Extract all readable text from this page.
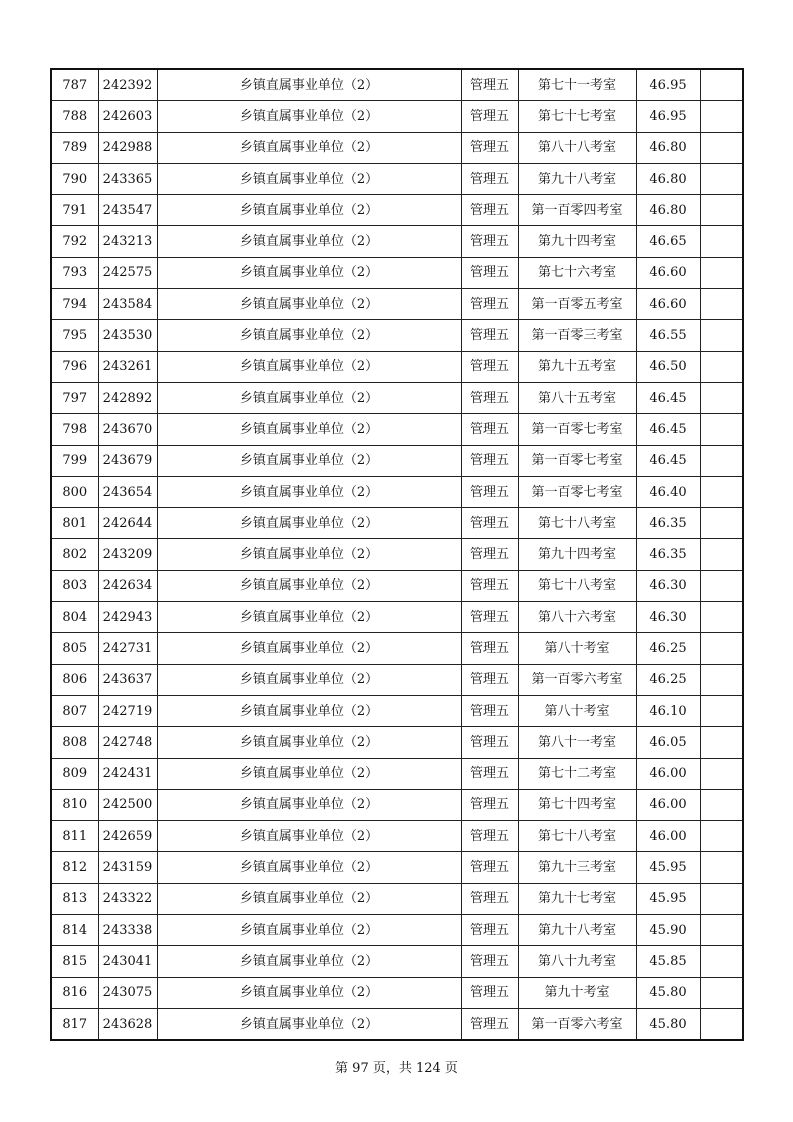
787	242392	乡镇直属事业单位（2）	管理五	第七十一考室	46.95	
788	242603	乡镇直属事业单位（2）	管理五	第七十七考室	46.95	
789	242988	乡镇直属事业单位（2）	管理五	第八十八考室	46.80	
790	243365	乡镇直属事业单位（2）	管理五	第九十八考室	46.80	
791	243547	乡镇直属事业单位（2）	管理五	第一百零四考室	46.80	
792	243213	乡镇直属事业单位（2）	管理五	第九十四考室	46.65	
793	242575	乡镇直属事业单位（2）	管理五	第七十六考室	46.60	
794	243584	乡镇直属事业单位（2）	管理五	第一百零五考室	46.60	
795	243530	乡镇直属事业单位（2）	管理五	第一百零三考室	46.55	
796	243261	乡镇直属事业单位（2）	管理五	第九十五考室	46.50	
797	242892	乡镇直属事业单位（2）	管理五	第八十五考室	46.45	
798	243670	乡镇直属事业单位（2）	管理五	第一百零七考室	46.45	
799	243679	乡镇直属事业单位（2）	管理五	第一百零七考室	46.45	
800	243654	乡镇直属事业单位（2）	管理五	第一百零七考室	46.40	
801	242644	乡镇直属事业单位（2）	管理五	第七十八考室	46.35	
802	243209	乡镇直属事业单位（2）	管理五	第九十四考室	46.35	
803	242634	乡镇直属事业单位（2）	管理五	第七十八考室	46.30	
804	242943	乡镇直属事业单位（2）	管理五	第八十六考室	46.30	
805	242731	乡镇直属事业单位（2）	管理五	第八十考室	46.25	
806	243637	乡镇直属事业单位（2）	管理五	第一百零六考室	46.25	
807	242719	乡镇直属事业单位（2）	管理五	第八十考室	46.10	
808	242748	乡镇直属事业单位（2）	管理五	第八十一考室	46.05	
809	242431	乡镇直属事业单位（2）	管理五	第七十二考室	46.00	
810	242500	乡镇直属事业单位（2）	管理五	第七十四考室	46.00	
811	242659	乡镇直属事业单位（2）	管理五	第七十八考室	46.00	
812	243159	乡镇直属事业单位（2）	管理五	第九十三考室	45.95	
813	243322	乡镇直属事业单位（2）	管理五	第九十七考室	45.95	
814	243338	乡镇直属事业单位（2）	管理五	第九十八考室	45.90	
815	243041	乡镇直属事业单位（2）	管理五	第八十九考室	45.85	
816	243075	乡镇直属事业单位（2）	管理五	第九十考室	45.80	
817	243628	乡镇直属事业单位（2）	管理五	第一百零六考室	45.80	
第 97 页，共 124 页
